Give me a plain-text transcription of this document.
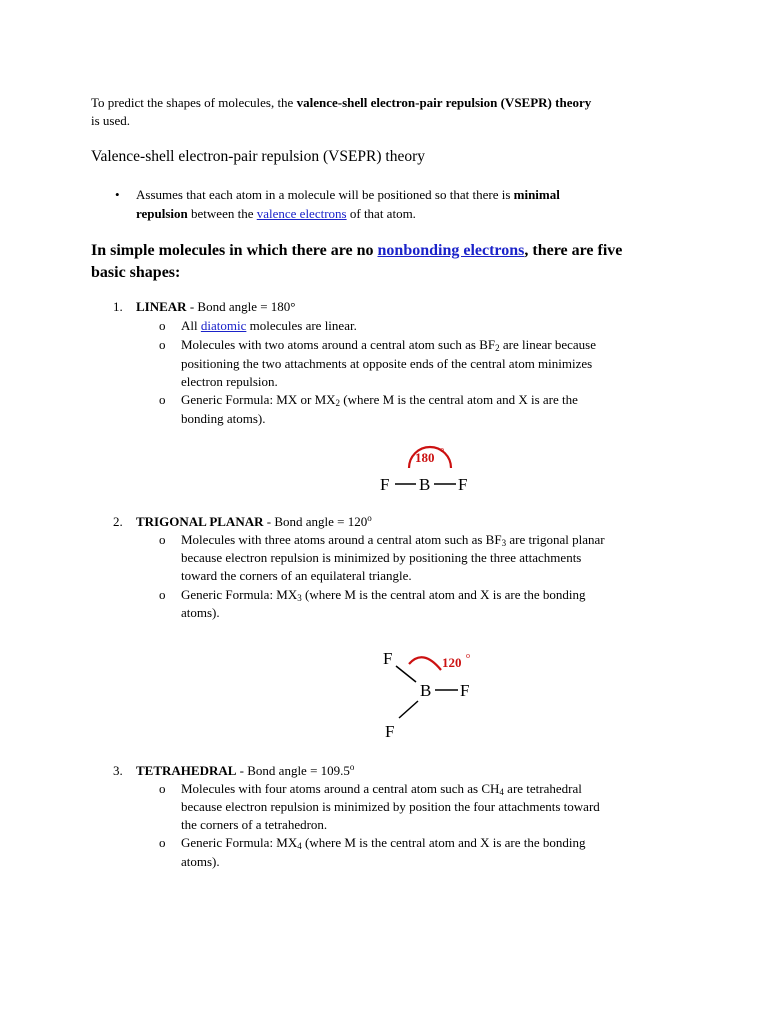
To predict the shapes of molecules, the valence-shell electron-pair repulsion (VSEPR) theory
is used.
Valence-shell electron-pair repulsion (VSEPR) theory
• Assumes that each atom in a molecule will be positioned so that there is minimal
repulsion between the valence electrons of that atom.
In simple molecules in which there are no nonbonding electrons, there are five
basic shapes:
1. LINEAR - Bond angle = 180°
o All diatomic molecules are linear.
o Molecules with two atoms around a central atom such as $BF_2$ are linear because
positioning the two attachments at opposite ends of the central atom minimizes
electron repulsion.
o Generic Formula: MX or $MX_2$ (where M is the central atom and X is are the
bonding atoms).
180
o
F B F
2. TRIGONAL PLANAR - Bond angle = $120^o$
o Molecules with three atoms around a central atom such as $BF_3$ are trigonal planar
because electron repulsion is minimized by positioning the three attachments
toward the corners of an equilateral triangle.
o Generic Formula: $MX_3$ (where M is the central atom and X is are the bonding
atoms).
F	120 o
B F
F
3. TETRAHEDRAL - Bond angle = $109.5^o$
o Molecules with four atoms around a central atom such as $CH_4$ are tetrahedral
because electron repulsion is minimized by position the four attachments toward
the corners of a tetrahedron.
o Generic Formula: $MX_4$ (where M is the central atom and X is are the bonding
atoms).
